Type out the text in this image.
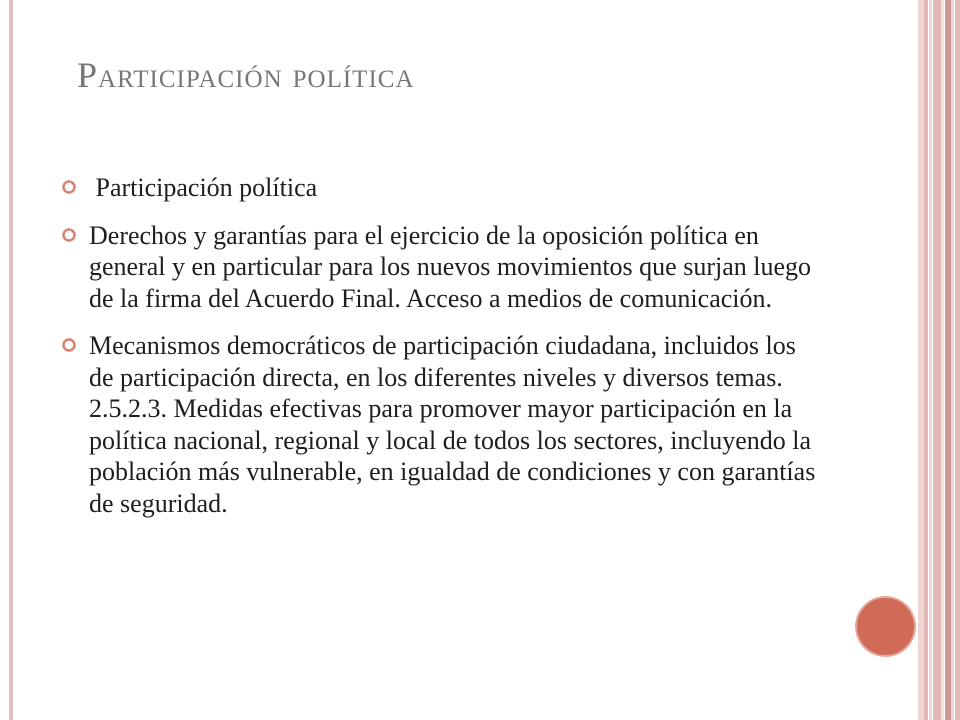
Participación política
 Participación política
Derechos y garantías para el ejercicio de la oposición política en general y en particular para los nuevos movimientos que surjan luego de la firma del Acuerdo Final. Acceso a medios de comunicación.
Mecanismos democráticos de participación ciudadana, incluidos los de participación directa, en los diferentes niveles y diversos temas.  2.5.2.3. Medidas efectivas para promover mayor participación en la política nacional, regional y local de todos los sectores, incluyendo la población más vulnerable, en igualdad de condiciones y con garantías de seguridad.
